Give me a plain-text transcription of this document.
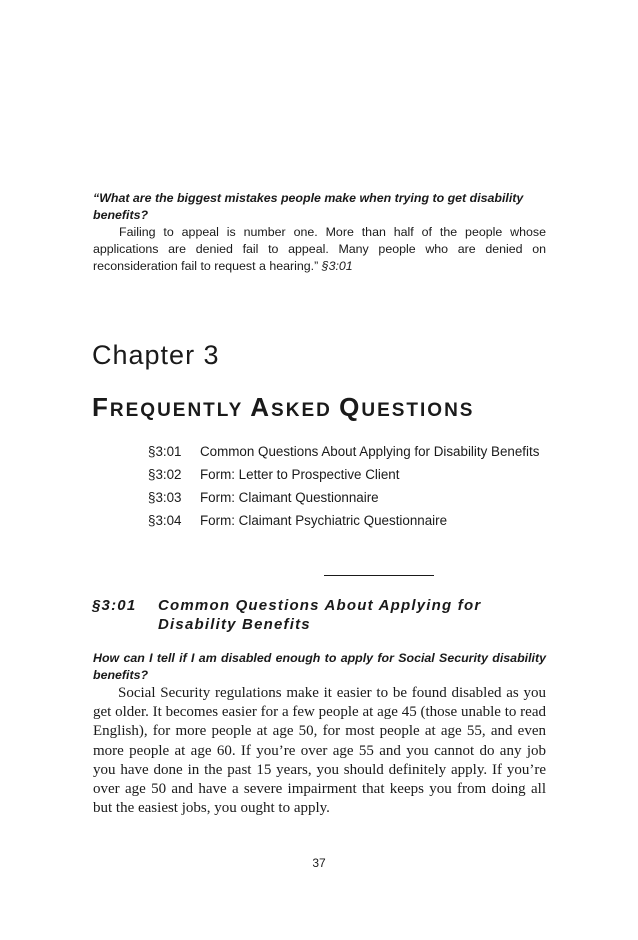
“What are the biggest mistakes people make when trying to get disability benefits?

Failing to appeal is number one. More than half of the people whose applications are denied fail to appeal. Many people who are denied on reconsideration fail to request a hearing.” §3:01

Chapter 3
FREQUENTLY ASKED QUESTIONS
§3:01	Common Questions About Applying for Disability Benefits
§3:02	Form: Letter to Prospective Client
§3:03	Form: Claimant Questionnaire
§3:04	Form: Claimant Psychiatric Questionnaire
§3:01	Common Questions About Applying for Disability Benefits

How can I tell if I am disabled enough to apply for Social Security disability benefits?

Social Security regulations make it easier to be found disabled as you get older. It becomes easier for a few people at age 45 (those unable to read English), for more people at age 50, for most people at age 55, and even more people at age 60. If you’re over age 55 and you cannot do any job you have done in the past 15 years, you should definitely apply. If you’re over age 50 and have a severe impairment that keeps you from doing all but the easiest jobs, you ought to apply.

37
